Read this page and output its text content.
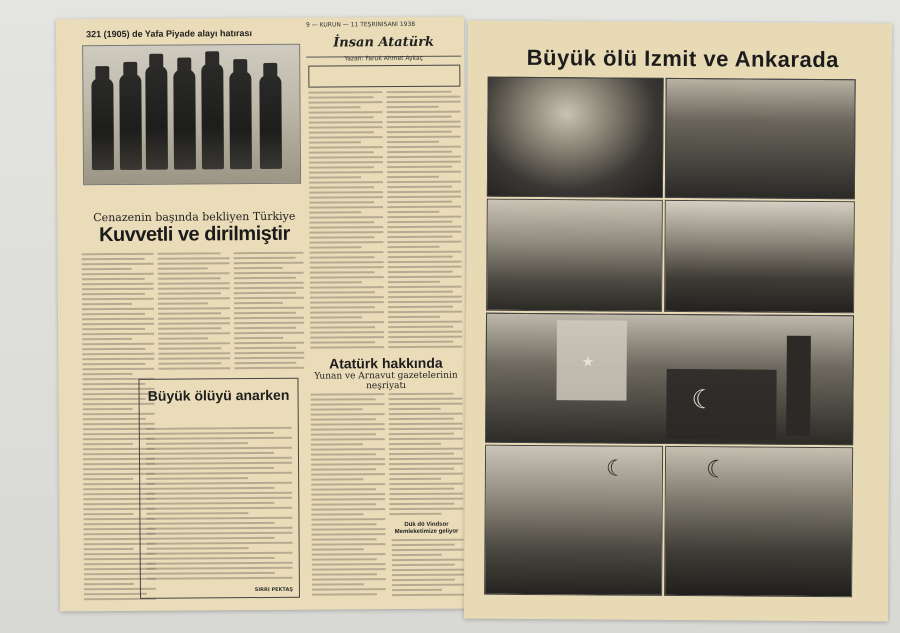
9 — KURUN — 11 TEŞRİNİSANİ 1938
321 (1905) de Yafa Piyade alayı hatırası
İnsan Atatürk
Yazan: Faruk Ahmet Aykaç
Cenazenin başında bekliyen Türkiye
Kuvvetli ve dirilmiştir
Büyük ölüyü anarken
SIRRI PEKTAŞ
Atatürk hakkında
Yunan ve Arnavut gazetelerinin neşriyatı
Dük dö Vindsor Memleketimize geliyor
Büyük ölü Izmit ve Ankarada
★
☾
☾	☾
